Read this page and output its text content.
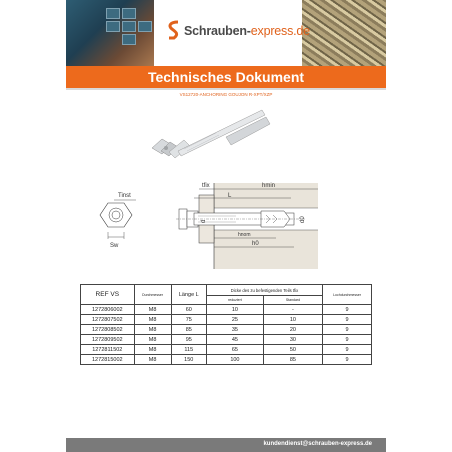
Schrauben-express.de
Technisches Dokument
VS12720-ANCHORING GOUJON R-XPT/XZP
Tinst
Sw
tfix	hmin
L
d	d0
hnom
h0
REF VS	Durchmesser	Länge L	Dicke des zu befestigenden Teils tfix		Lochdurchmesser
			reduziert	Standard	
1272806002	M8	60	10	-	9
1272807502	M8	75	25	10	9
1272808502	M8	85	35	20	9
1272809502	M8	95	45	30	9
1272811502	M8	115	65	50	9
1272815002	M8	150	100	85	9
kundendienst@schrauben-express.de
